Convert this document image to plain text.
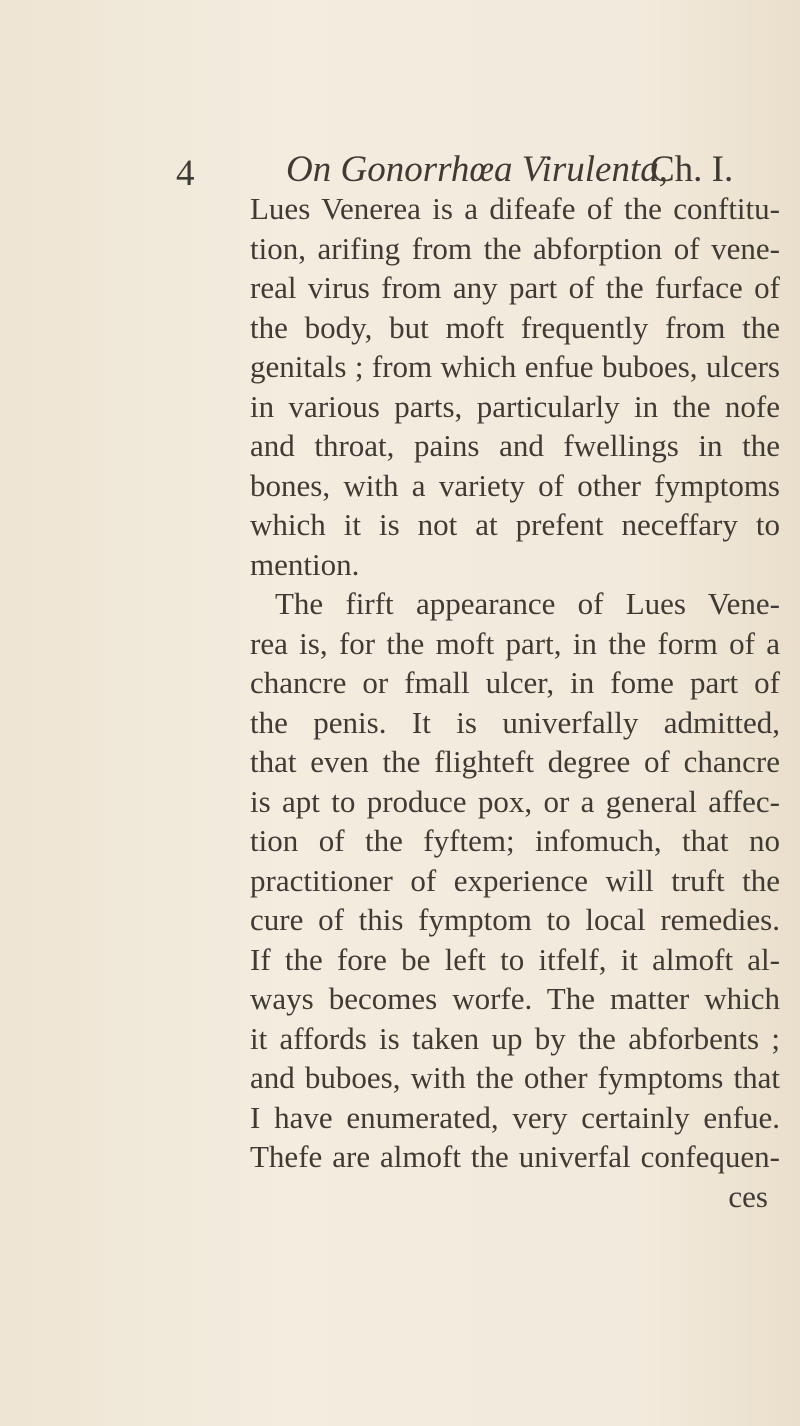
4 On Gonorrhœa Virulenta,
Ch. I.
Lues Venerea is a difeafe of the conftitu-
tion, arifing from the abforption of vene-
real virus from any part of the furface of
the body, but moft frequently from the
genitals ; from which enfue buboes, ulcers
in various parts, particularly in the nofe
and throat, pains and fwellings in the
bones, with a variety of other fymptoms
which it is not at prefent neceffary to
mention.
The firft appearance of Lues Vene-
rea is, for the moft part, in the form of a
chancre or fmall ulcer, in fome part of
the penis. It is univerfally admitted,
that even the flighteft degree of chancre
is apt to produce pox, or a general affec-
tion of the fyftem; infomuch, that no
practitioner of experience will truft the
cure of this fymptom to local remedies.
If the fore be left to itfelf, it almoft al-
ways becomes worfe. The matter which
it affords is taken up by the abforbents ;
and buboes, with the other fymptoms that
I have enumerated, very certainly enfue.
Thefe are almoft the univerfal confequen-
ces
